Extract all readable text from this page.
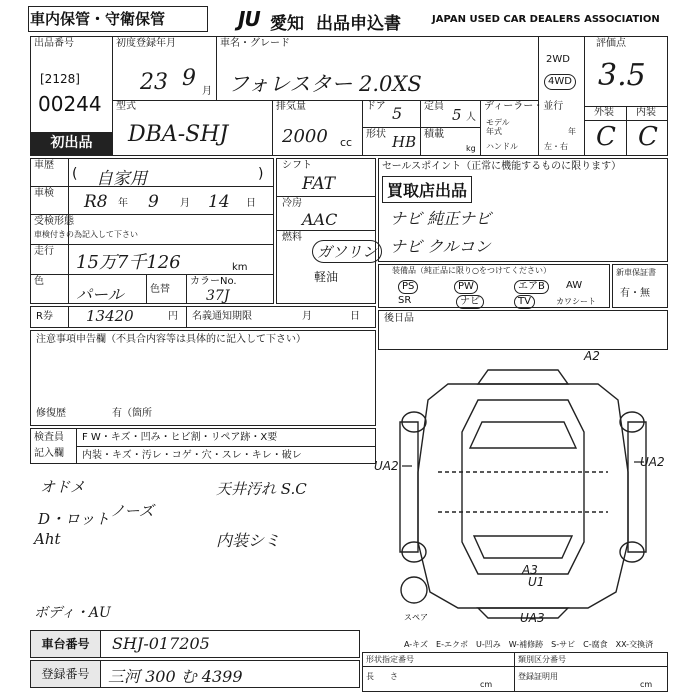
車内保管・守衛保管	JU 愛知 出品申込書	JAPAN USED CAR DEALERS ASSOCIATION
出品番号
[2128]
00244
初出品
初度登録年月
23 9
月
車名・グレード
フォレスター 2.0XS
2WD
4WD
評価点
3.5
型式
DBA-SHJ
排気量
2000 cc
ドア 5 定員 5 人
形状 HB 積載
kg
ディーラー・並行
モデル
年式	年
ハンドル	左・右
外装 内装
C C
車歴
( 自家用	)
車検 R8 年 9 月 14 日
受検形態
車検付きの為記入して下さい
走行
15万7千126	km
色
パール	色替
カラーNo.
37J
シフト
FAT
冷房
AAC
燃料
ガソリン
軽油
R券 13420	円 名義通知期限	月	日
セールスポイント（正常に機能するものに限ります）
買取店出品
ナビ 純正ナビ
ナビ クルコン
装備品（純正品に限り○をつけてください）
PS	PW	エアB	AW
SR	ナビ	TV	カワシート
新車保証書
有・無
後日品
注意事項申告欄（不具合内容等は具体的に記入して下さい）
修復歴	有（箇所
検査員
記入欄
F W・キズ・凹み・ヒビ割・リペア跡・X要
内装・キズ・汚レ・コゲ・穴・スレ・キレ・破レ
オドメ
D・ロット ノーズ
Aht	内装シミ
天井汚れ S.C
ボディ・AU
A2
UA2	UA2
A3
U1
UA3
スペア
A-キズ　E-エクボ　U-凹み　W-補修跡　S-サビ　C-腐食　XX-交換済
車台番号	SHJ-017205
登録番号	三河 300 む 4399
形状指定番号	類別区分番号
長　　さ
cm
登録証明用
cm
